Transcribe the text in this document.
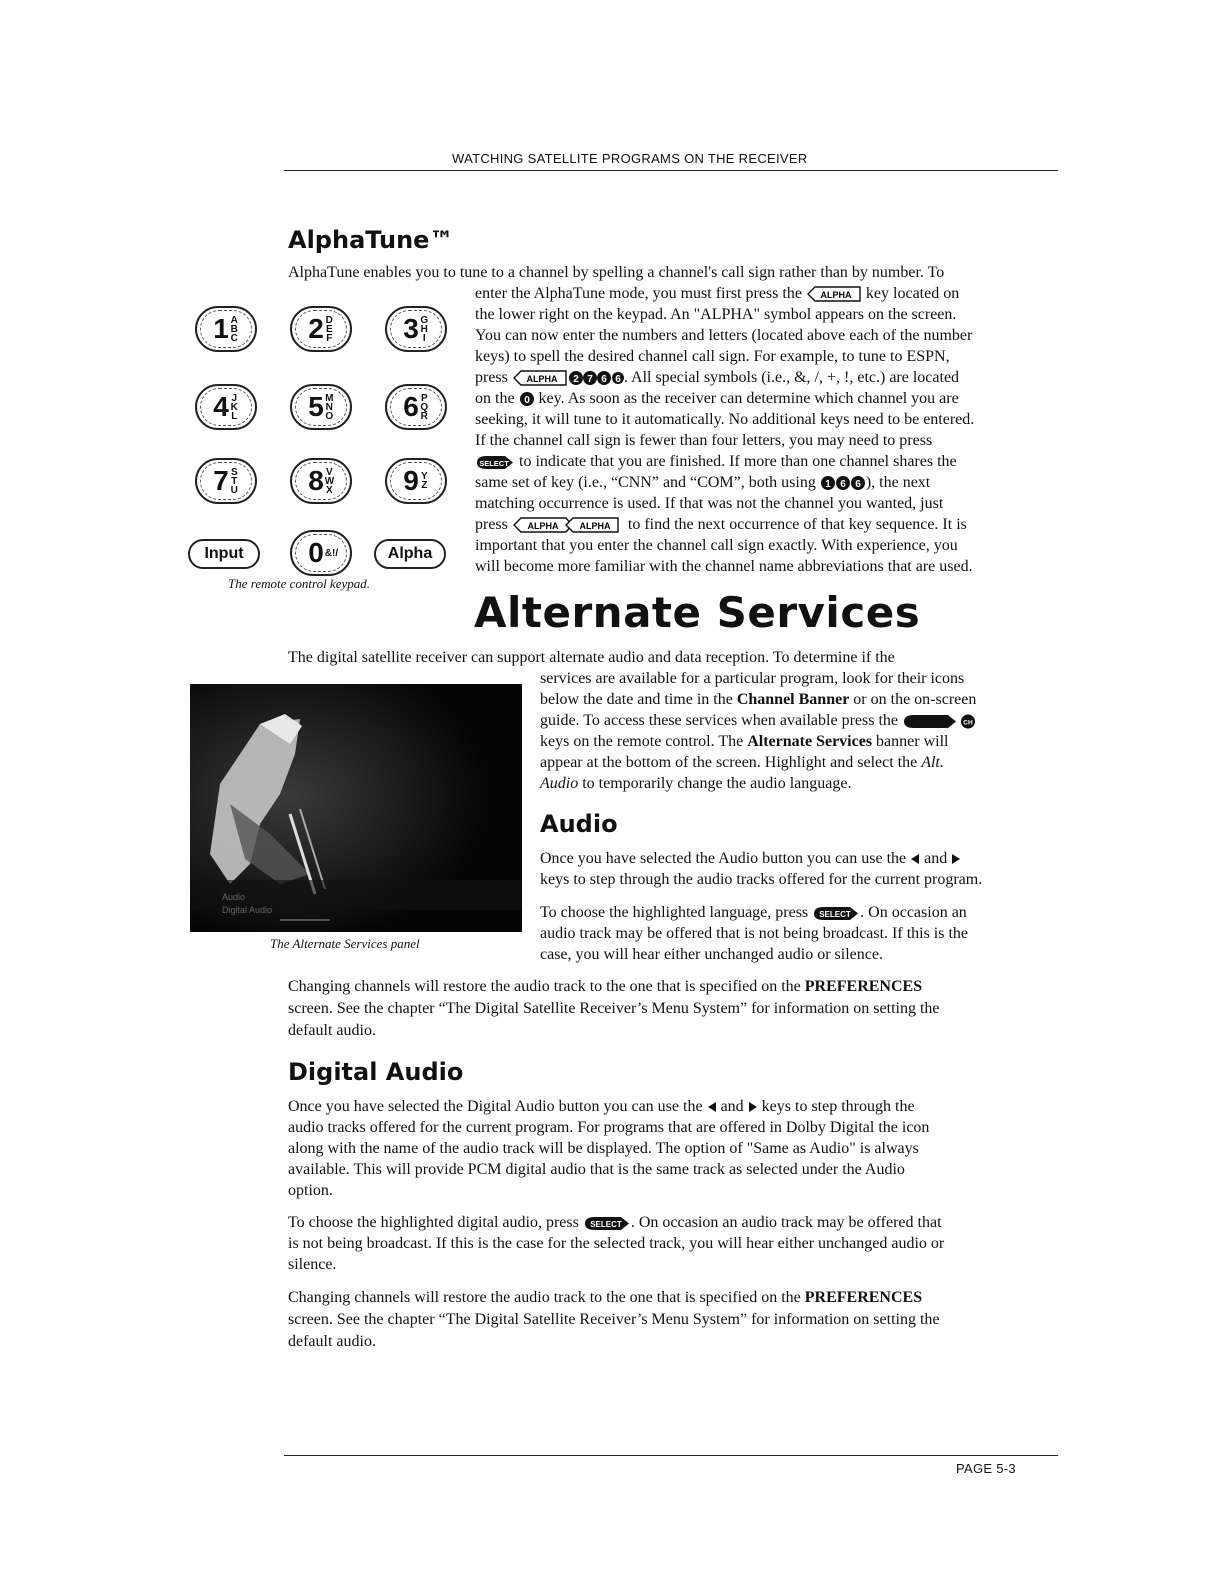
WATCHING SATELLITE PROGRAMS ON THE RECEIVER
AlphaTune™

AlphaTune enables you to tune to a channel by spelling a channel's call sign rather than by number. To

enter the AlphaTune mode, you must first press the ALPHA key located on

the lower right on the keypad. An "ALPHA" symbol appears on the screen.

You can now enter the numbers and letters (located above each of the number

keys) to spell the desired channel call sign. For example, to tune to ESPN,

press ALPHA 2 7 6 6 . All special symbols (i.e., &, /, +, !, etc.) are located

on the 0 key. As soon as the receiver can determine which channel you are

seeking, it will tune to it automatically. No additional keys need to be entered.

If the channel call sign is fewer than four letters, you may need to press

SELECT to indicate that you are finished. If more than one channel shares the

same set of key (i.e., “CNN” and “COM”, both using 1 6 6 ), the next

matching occurrence is used. If that was not the channel you wanted, just

press ALPHA ALPHA to find the next occurrence of that key sequence. It is

important that you enter the channel call sign exactly. With experience, you

will become more familiar with the channel name abbreviations that are used.

1 ABC	2 DEF	3 GHI
4 JKL	5 MNO	6 PQR
7 STU	8 VWX	9 YZ
Input	0 &!/	Alpha
The remote control keypad.
Alternate Services

The digital satellite receiver can support alternate audio and data reception. To determine if the

services are available for a particular program, look for their icons

below the date and time in the Channel Banner or on the on-screen

guide. To access these services when available press the	CH

keys on the remote control. The Alternate Services banner will

appear at the bottom of the screen. Highlight and select the Alt.

Audio to temporarily change the audio language.

Audio
Digital Audio
The Alternate Services panel
Audio

Once you have selected the Audio button you can use the and

keys to step through the audio tracks offered for the current program.

To choose the highlighted language, press SELECT . On occasion an

audio track may be offered that is not being broadcast. If this is the

case, you will hear either unchanged audio or silence.

Changing channels will restore the audio track to the one that is specified on the PREFERENCES

screen. See the chapter “The Digital Satellite Receiver’s Menu System” for information on setting the

default audio.

Digital Audio

Once you have selected the Digital Audio button you can use the and keys to step through the

audio tracks offered for the current program. For programs that are offered in Dolby Digital the icon

along with the name of the audio track will be displayed. The option of "Same as Audio" is always

available. This will provide PCM digital audio that is the same track as selected under the Audio

option.

To choose the highlighted digital audio, press SELECT . On occasion an audio track may be offered that

is not being broadcast. If this is the case for the selected track, you will hear either unchanged audio or

silence.

Changing channels will restore the audio track to the one that is specified on the PREFERENCES

screen. See the chapter “The Digital Satellite Receiver’s Menu System” for information on setting the

default audio.

PAGE 5-3
